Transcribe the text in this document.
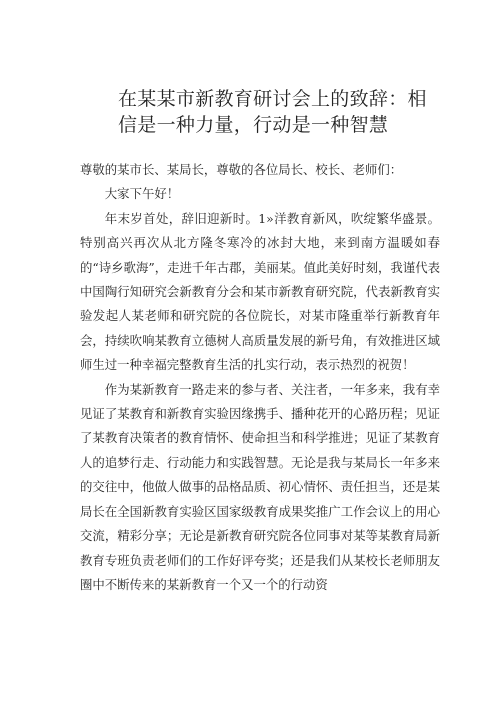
在某某市新教育研讨会上的致辞：相信是一种力量，行动是一种智慧

尊敬的某市长、某局长，尊敬的各位局长、校长、老师们：

大家下午好！

年末岁首处，辞旧迎新时。1»洋教育新风，吹绽繁华盛景。特别高兴再次从北方隆冬寒冷的冰封大地，来到南方温暖如春的“诗乡歌海”，走进千年古郡，美丽某。值此美好时刻，我谨代表中国陶行知研究会新教育分会和某市新教育研究院，代表新教育实验发起人某老师和研究院的各位院长，对某市隆重举行新教育年会，持续吹响某教育立德树人高质量发展的新号角，有效推进区域师生过一种幸福完整教育生活的扎实行动，表示热烈的祝贺！

作为某新教育一路走来的参与者、关注者，一年多来，我有幸见证了某教育和新教育实验因缘携手、播种花开的心路历程；见证了某教育决策者的教育情怀、使命担当和科学推进；见证了某教育人的追梦行走、行动能力和实践智慧。无论是我与某局长一年多来的交往中，他做人做事的品格品质、初心情怀、责任担当，还是某局长在全国新教育实验区国家级教育成果奖推广工作会议上的用心交流，精彩分享；无论是新教育研究院各位同事对某等某教育局新教育专班负责老师们的工作好评夸奖；还是我们从某校长老师朋友圈中不断传来的某新教育一个又一个的行动资
